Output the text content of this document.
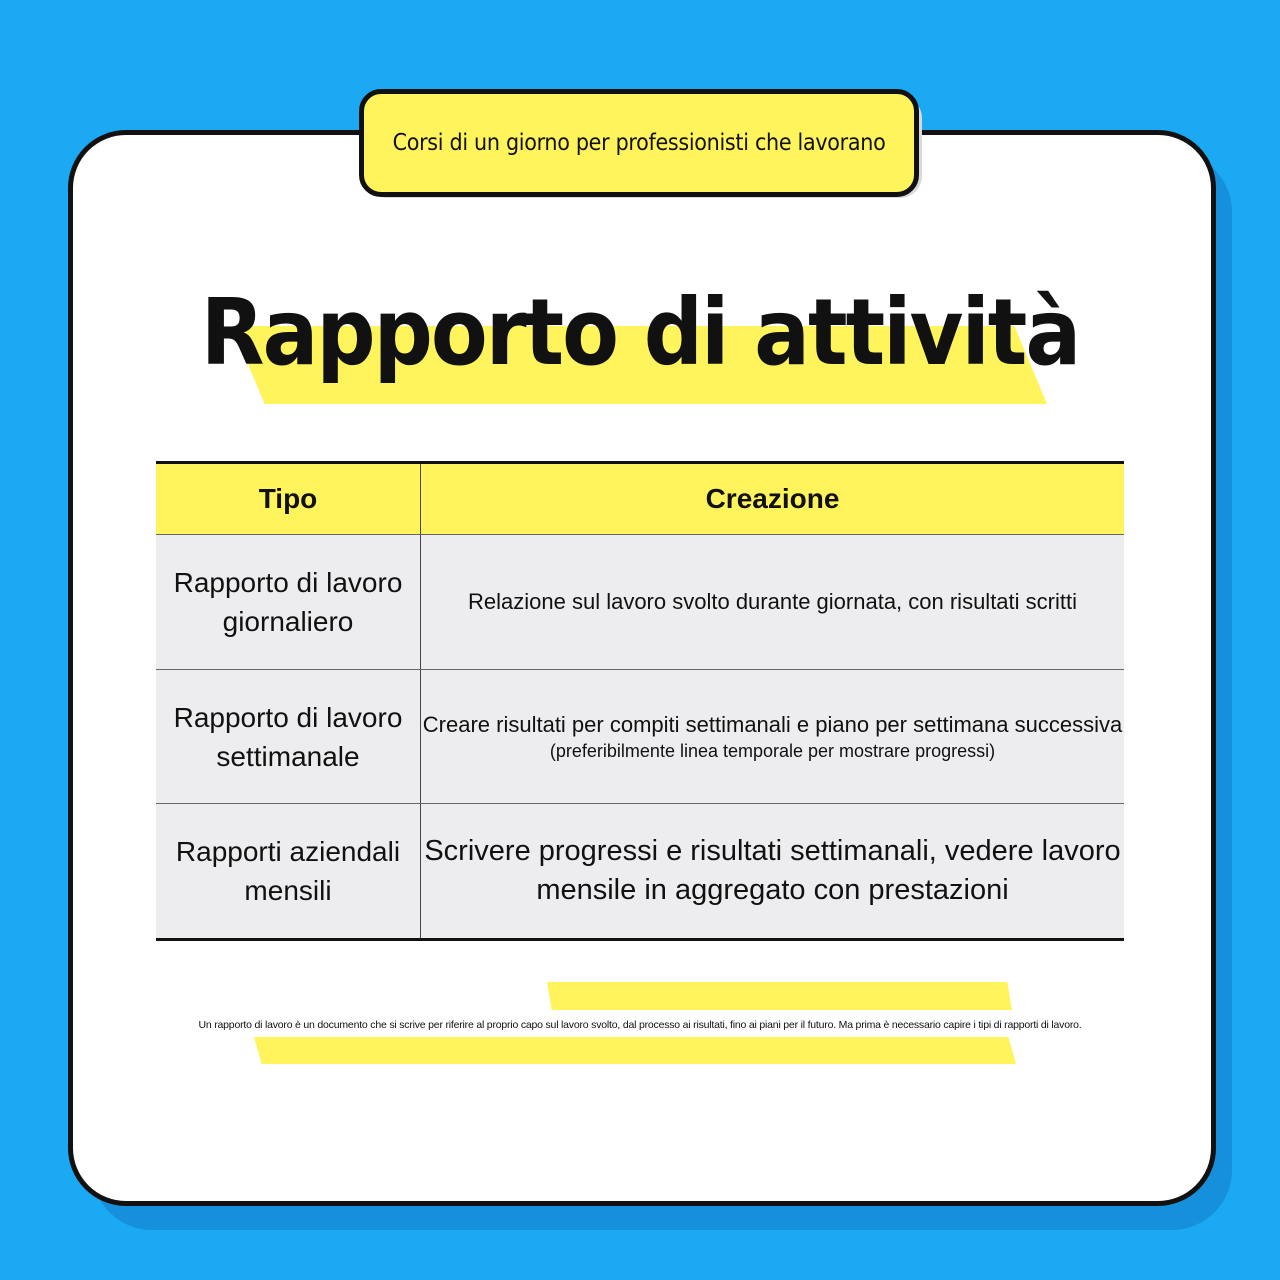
Corsi di un giorno per professionisti che lavorano
Rapporto di attività
Tipo	Creazione
Rapporto di lavoro giornaliero	Relazione sul lavoro svolto durante giornata, con risultati scritti

Rapporto di lavoro settimanale	Creare risultati per compiti settimanali e piano per settimana successiva
(preferibilmente linea temporale per mostrare progressi)

Rapporti aziendali mensili	Scrivere progressi e risultati settimanali, vedere lavoro mensile in aggregato con prestazioni
Un rapporto di lavoro è un documento che si scrive per riferire al proprio capo sul lavoro svolto, dal processo ai risultati, fino ai piani per il futuro. Ma prima è necessario capire i tipi di rapporti di lavoro.
